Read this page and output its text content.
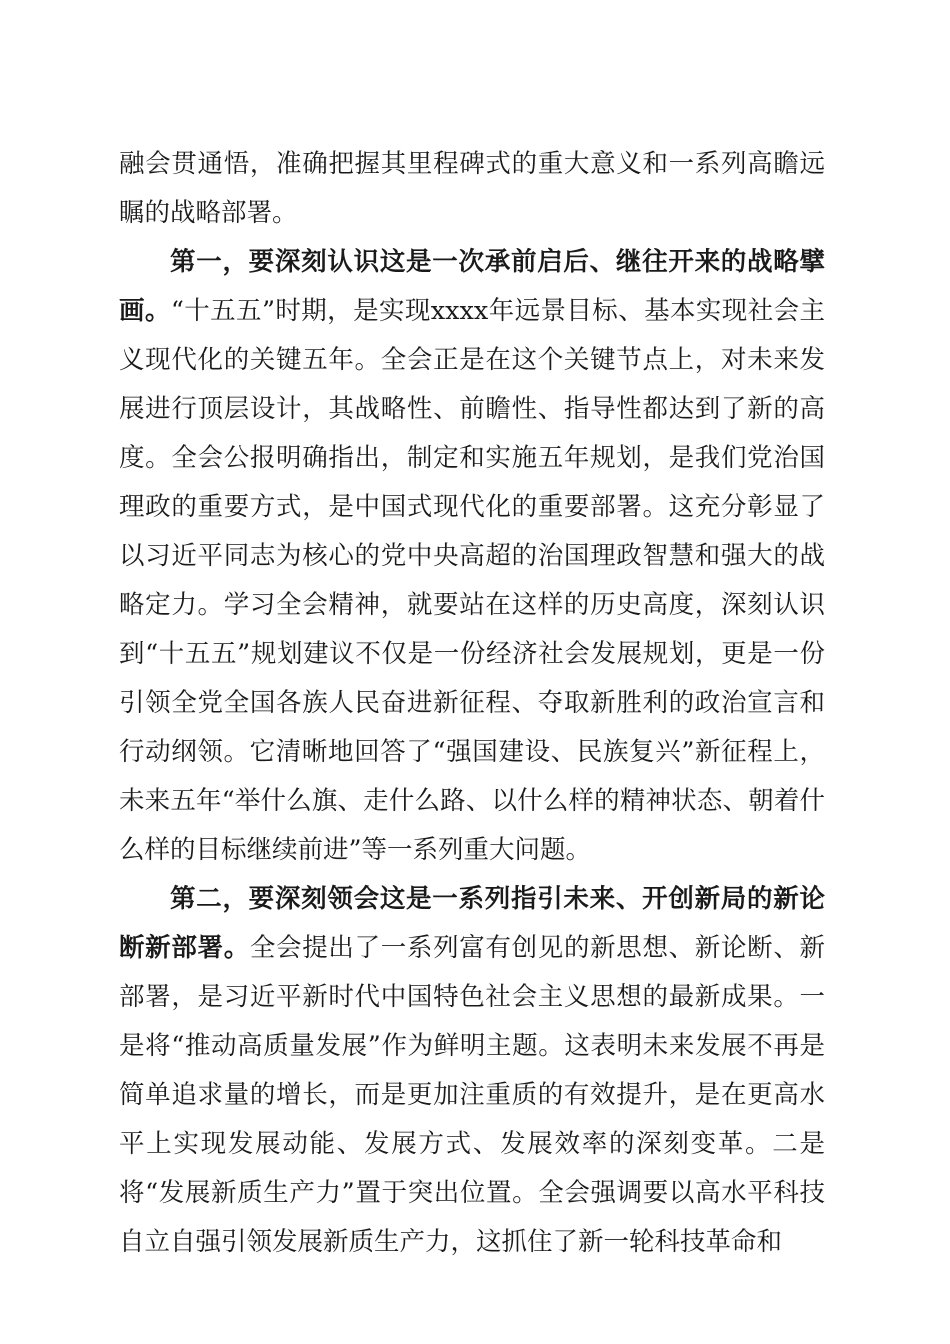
融会贯通悟，准确把握其里程碑式的重大意义和一系列高瞻远瞩的战略部署。

第一，要深刻认识这是一次承前启后、继往开来的战略擘画。“十五五”时期，是实现xxxx年远景目标、基本实现社会主义现代化的关键五年。全会正是在这个关键节点上，对未来发展进行顶层设计，其战略性、前瞻性、指导性都达到了新的高度。全会公报明确指出，制定和实施五年规划，是我们党治国理政的重要方式，是中国式现代化的重要部署。这充分彰显了以习近平同志为核心的党中央高超的治国理政智慧和强大的战略定力。学习全会精神，就要站在这样的历史高度，深刻认识到“十五五”规划建议不仅是一份经济社会发展规划，更是一份引领全党全国各族人民奋进新征程、夺取新胜利的政治宣言和行动纲领。它清晰地回答了“强国建设、民族复兴”新征程上，未来五年“举什么旗、走什么路、以什么样的精神状态、朝着什么样的目标继续前进”等一系列重大问题。

第二，要深刻领会这是一系列指引未来、开创新局的新论断新部署。全会提出了一系列富有创见的新思想、新论断、新部署，是习近平新时代中国特色社会主义思想的最新成果。一是将“推动高质量发展”作为鲜明主题。这表明未来发展不再是简单追求量的增长，而是更加注重质的有效提升，是在更高水平上实现发展动能、发展方式、发展效率的深刻变革。二是将“发展新质生产力”置于突出位置。全会强调要以高水平科技自立自强引领发展新质生产力，这抓住了新一轮科技革命和
